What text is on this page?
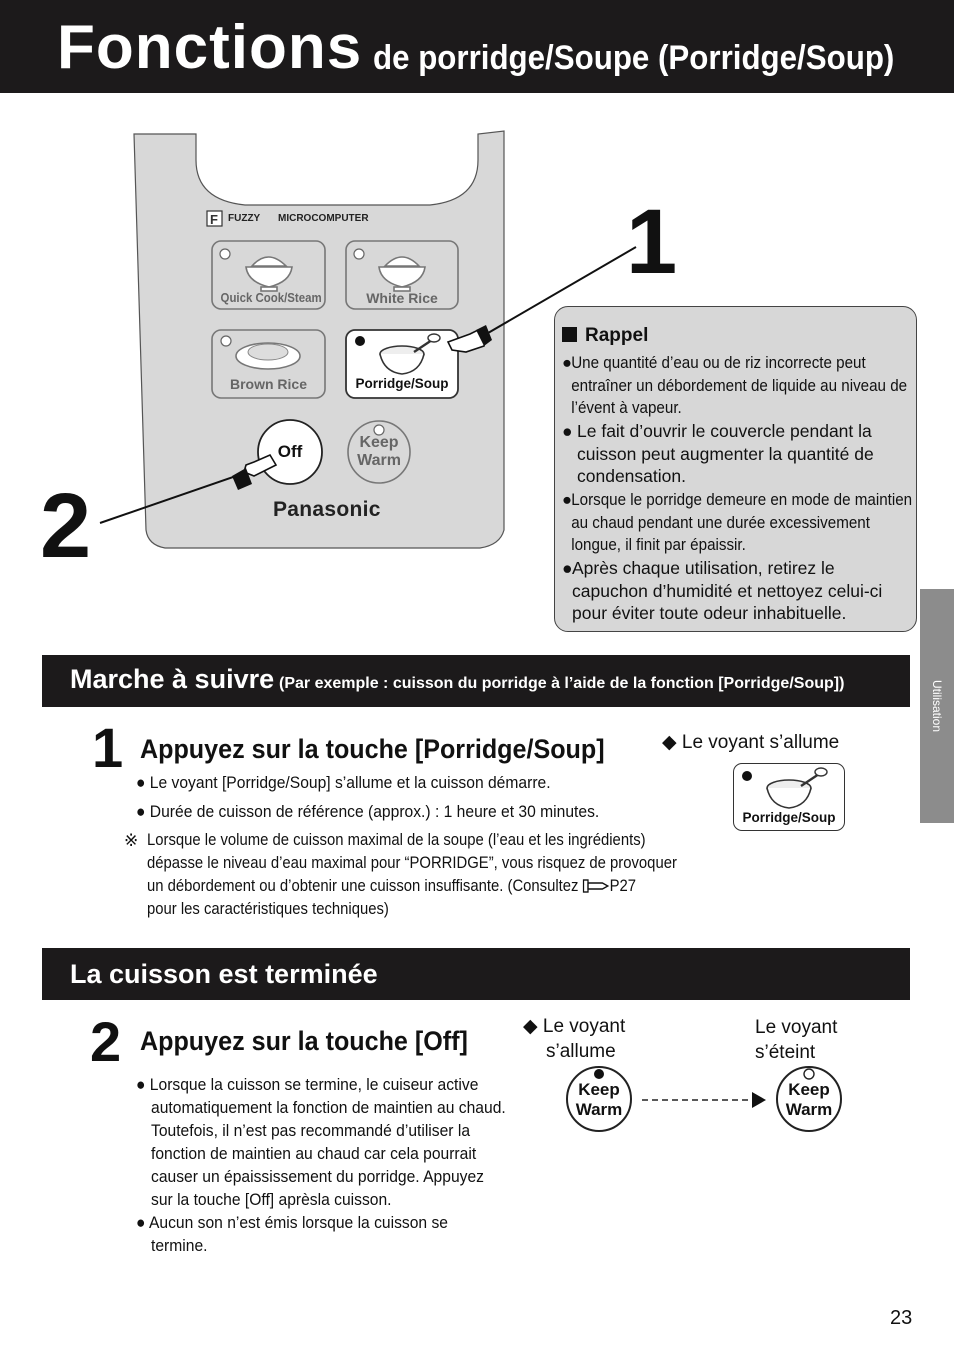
Fonctions de porridge/Soupe (Porridge/Soup)
F FUZZY MICROCOMPUTER
Quick Cook/Steam	White Rice
Brown Rice	Porridge/Soup
Off	Keep
Warm
Panasonic
1
2
Rappel
● Une quantité d’eau ou de riz incorrecte peut entraîner un débordement de liquide au niveau de l’évent à vapeur.
● Le fait d’ouvrir le couvercle pendant la cuisson peut augmenter la quantité de condensation.
● Lorsque le porridge demeure en mode de maintien au chaud pendant une durée excessivement longue, il finit par épaissir.
● Après chaque utilisation, retirez le capuchon d’humidité et nettoyez celui-ci pour éviter toute odeur inhabituelle.
Utilisation
Marche à suivre (Par exemple : cuisson du porridge à l’aide de la fonction [Porridge/Soup])
1 Appuyez sur la touche [Porridge/Soup]
● Le voyant [Porridge/Soup] s’allume et la cuisson démarre.
● Durée de cuisson de référence (approx.) : 1 heure et 30 minutes.
※ Lorsque le volume de cuisson maximal de la soupe (l’eau et les ingrédients)
dépasse le niveau d’eau maximal pour “PORRIDGE”, vous risquez de provoquer
un débordement ou d’obtenir une cuisson insuffisante. (Consultez P27
pour les caractéristiques techniques)
◆ Le voyant s’allume
Porridge/Soup
La cuisson est terminée
2 Appuyez sur la touche [Off]
● Lorsque la cuisson se termine, le cuiseur active
automatiquement la fonction de maintien au chaud.
Toutefois, il n’est pas recommandé d’utiliser la
fonction de maintien au chaud car cela pourrait
causer un épaississement du porridge. Appuyez
sur la touche [Off] aprèsla cuisson.
● Aucun son n’est émis lorsque la cuisson se
termine.
◆ Le voyant
s’allume
Le voyant
s’éteint
Keep
Warm
Keep
Warm
23
